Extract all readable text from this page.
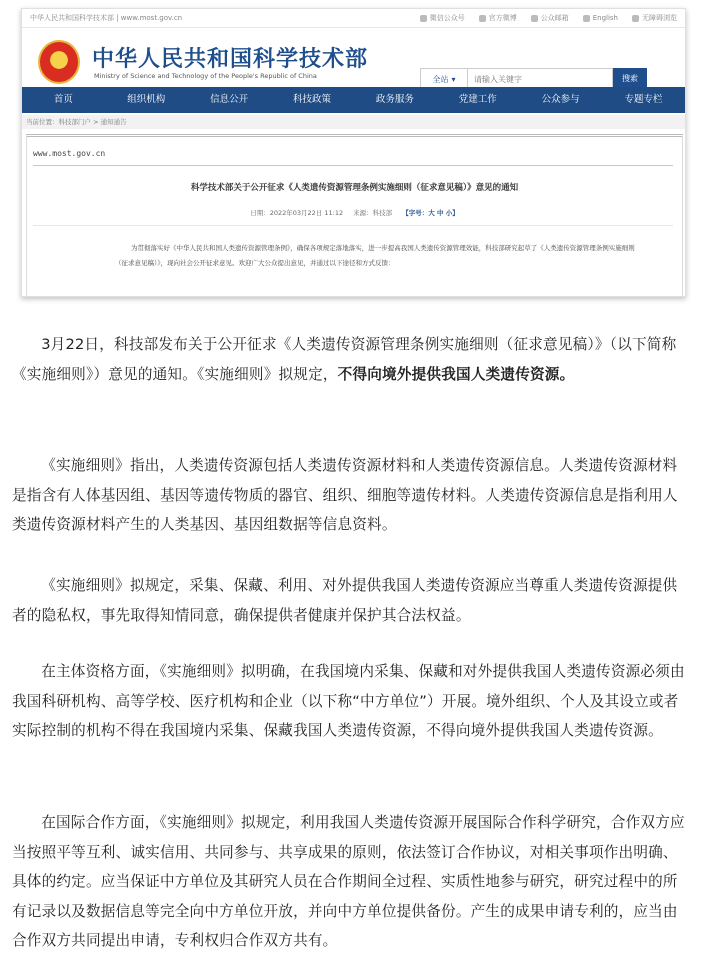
中华人民共和国科学技术部 | www.most.gov.cn	微信公众号	官方微博	公众邮箱	English	无障碍浏览
★
中华人民共和国科学技术部
Ministry of Science and Technology of the People's Republic of China	全站 ▾
请输入关键字	搜索
首页	组织机构	信息公开	科技政策	政务服务	党建工作	公众参与	专题专栏
当前位置：科技部门户 > 通知通告
www.most.gov.cn
科学技术部关于公开征求《人类遗传资源管理条例实施细则（征求意见稿）》意见的通知
日期：2022年03月22日 11:12 来源：科技部 【字号：大 中 小】
为贯彻落实好《中华人民共和国人类遗传资源管理条例》，确保各项规定落地落实，进一步提高我国人类遗传资源管理效能，科技部研究起草了《人类遗传资源管理条例实施细则（征求意见稿）》，现向社会公开征求意见。欢迎广大公众提出意见，并通过以下途径和方式反馈：

3月22日，科技部发布关于公开征求《人类遗传资源管理条例实施细则（征求意见稿）》（以下简称《实施细则》）意见的通知。《实施细则》拟规定，不得向境外提供我国人类遗传资源。

《实施细则》指出，人类遗传资源包括人类遗传资源材料和人类遗传资源信息。人类遗传资源材料是指含有人体基因组、基因等遗传物质的器官、组织、细胞等遗传材料。人类遗传资源信息是指利用人类遗传资源材料产生的人类基因、基因组数据等信息资料。

《实施细则》拟规定，采集、保藏、利用、对外提供我国人类遗传资源应当尊重人类遗传资源提供者的隐私权，事先取得知情同意，确保提供者健康并保护其合法权益。

在主体资格方面，《实施细则》拟明确，在我国境内采集、保藏和对外提供我国人类遗传资源必须由我国科研机构、高等学校、医疗机构和企业（以下称“中方单位”）开展。境外组织、个人及其设立或者实际控制的机构不得在我国境内采集、保藏我国人类遗传资源，不得向境外提供我国人类遗传资源。

在国际合作方面，《实施细则》拟规定，利用我国人类遗传资源开展国际合作科学研究，合作双方应当按照平等互利、诚实信用、共同参与、共享成果的原则，依法签订合作协议，对相关事项作出明确、具体的约定。应当保证中方单位及其研究人员在合作期间全过程、实质性地参与研究，研究过程中的所有记录以及数据信息等完全向中方单位开放，并向中方单位提供备份。产生的成果申请专利的，应当由合作双方共同提出申请，专利权归合作双方共有。
